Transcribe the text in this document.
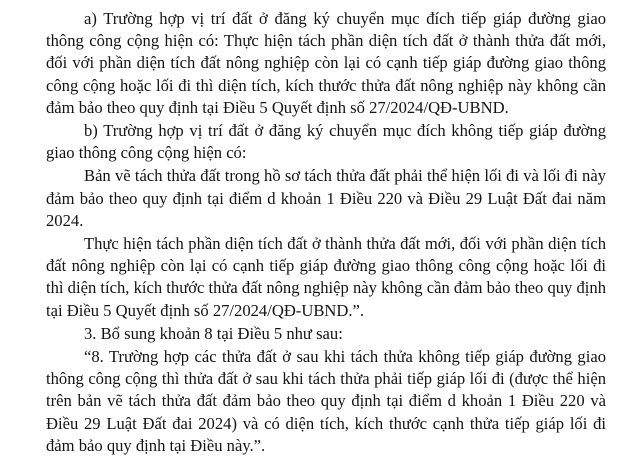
a) Trường hợp vị trí đất ở đăng ký chuyển mục đích tiếp giáp đường giao thông công cộng hiện có: Thực hiện tách phần diện tích đất ở thành thửa đất mới, đối với phần diện tích đất nông nghiệp còn lại có cạnh tiếp giáp đường giao thông công cộng hoặc lối đi thì diện tích, kích thước thửa đất nông nghiệp này không cần đảm bảo theo quy định tại Điều 5 Quyết định số 27/2024/QĐ-UBND.

b) Trường hợp vị trí đất ở đăng ký chuyển mục đích không tiếp giáp đường giao thông công cộng hiện có:

Bản vẽ tách thửa đất trong hồ sơ tách thửa đất phải thể hiện lối đi và lối đi này đảm bảo theo quy định tại điểm d khoản 1 Điều 220 và Điều 29 Luật Đất đai năm 2024.

Thực hiện tách phần diện tích đất ở thành thửa đất mới, đối với phần diện tích đất nông nghiệp còn lại có cạnh tiếp giáp đường giao thông công cộng hoặc lối đi thì diện tích, kích thước thửa đất nông nghiệp này không cần đảm bảo theo quy định tại Điều 5 Quyết định số 27/2024/QĐ-UBND.”.

3. Bổ sung khoản 8 tại Điều 5 như sau:

“8. Trường hợp các thửa đất ở sau khi tách thửa không tiếp giáp đường giao thông công cộng thì thửa đất ở sau khi tách thửa phải tiếp giáp lối đi (được thể hiện trên bản vẽ tách thửa đất đảm bảo theo quy định tại điểm d khoản 1 Điều 220 và Điều 29 Luật Đất đai 2024) và có diện tích, kích thước cạnh thửa tiếp giáp lối đi đảm bảo quy định tại Điều này.”.
